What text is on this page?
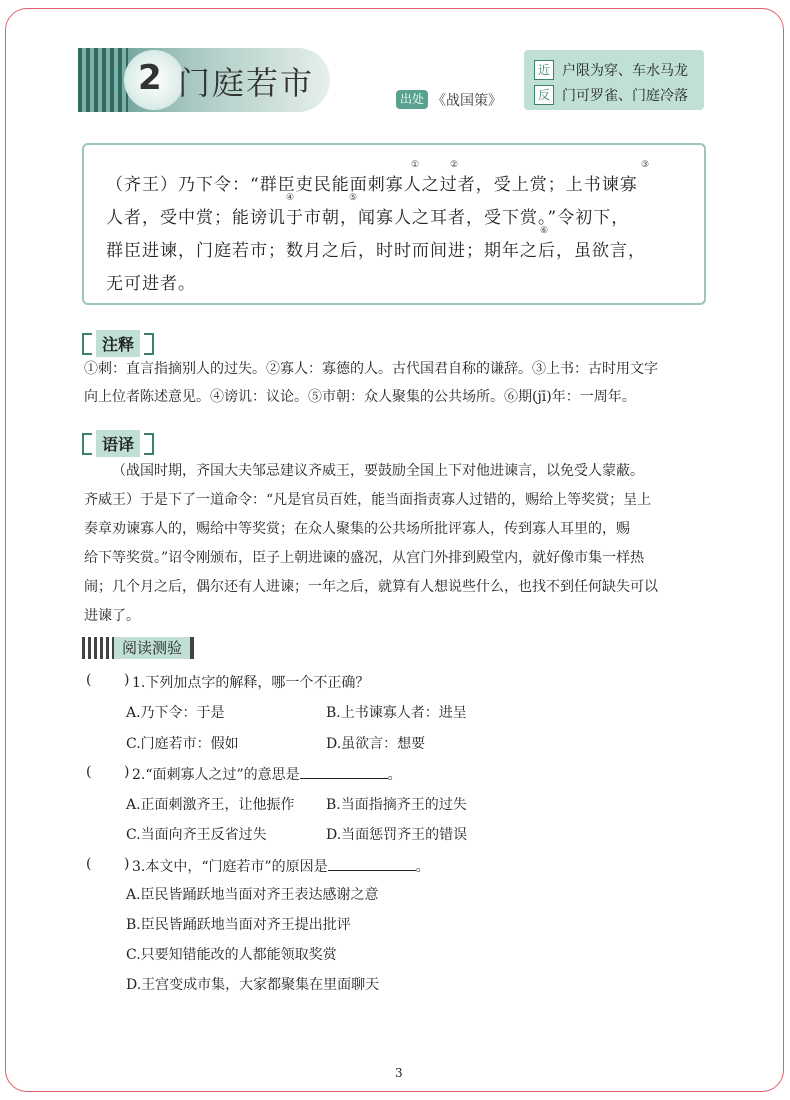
2 门庭若市	出处 《战国策》
近 户限为穿、车水马龙
反 门可罗雀、门庭冷落
（齐王）乃下令：“群臣吏民能面刺寡人之过者，受上赏；上书谏寡
人者，受中赏；能谤讥于市朝，闻寡人之耳者，受下赏。”令初下，
群臣进谏，门庭若市；数月之后，时时而间进；期年之后，虽欲言，
无可进者。
①	②	③
④	⑤
⑥
注释
①刺：直言指摘别人的过失。②寡人：寡德的人。古代国君自称的谦辞。③上书：古时用文字
向上位者陈述意见。④谤讥：议论。⑤市朝：众人聚集的公共场所。⑥期(jī)年：一周年。
语译
（战国时期，齐国大夫邹忌建议齐威王，要鼓励全国上下对他进谏言，以免受人蒙蔽。
齐威王）于是下了一道命令：“凡是官员百姓，能当面指责寡人过错的，赐给上等奖赏；呈上
奏章劝谏寡人的，赐给中等奖赏；在众人聚集的公共场所批评寡人，传到寡人耳里的，赐
给下等奖赏。”诏令刚颁布，臣子上朝进谏的盛况，从宫门外排到殿堂内，就好像市集一样热
闹；几个月之后，偶尔还有人进谏；一年之后，就算有人想说些什么，也找不到任何缺失可以
进谏了。
阅读测验
( ) 1.下列加点字的解释，哪一个不正确？
A.乃下令：于是	B.上书谏寡人者：进呈
C.门庭若市：假如	D.虽欲言：想要
( ) 2.“面刺寡人之过”的意思是	。
A.正面刺激齐王，让他振作 B.当面指摘齐王的过失
C.当面向齐王反省过失	D.当面惩罚齐王的错误
( ) 3.本文中，“门庭若市”的原因是	。
A.臣民皆踊跃地当面对齐王表达感谢之意
B.臣民皆踊跃地当面对齐王提出批评
C.只要知错能改的人都能领取奖赏
D.王宫变成市集，大家都聚集在里面聊天
3
